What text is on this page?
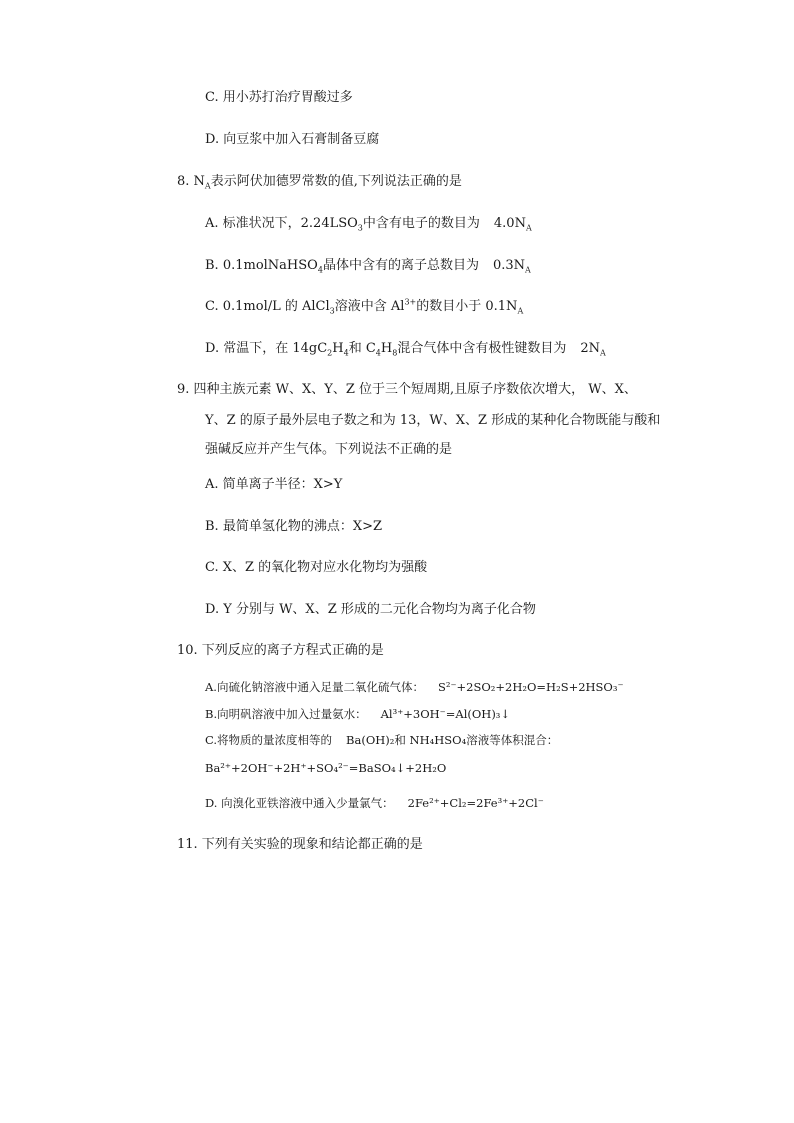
C. 用小苏打治疗胃酸过多
D. 向豆浆中加入石膏制备豆腐
8. $N_A$表示阿伏加德罗常数的值,下列说法正确的是
A. 标准状况下，$2.24LSO_3$中含有电子的数目为 $4.0N_A$
B. 0.1molNaHSO$_4$晶体中含有的离子总数目为 $0.3N_A$
C. 0.1mol/L 的 AlCl$_3$溶液中含 $Al^{3+}$的数目小于 $0.1N_A$
D. 常温下，在 $14gC_2H_4$和 $C_4H_8$混合气体中含有极性键数目为 $2N_A$
9. 四种主族元素 W、X、Y、Z 位于三个短周期,且原子序数依次增大， W、X、
Y、Z 的原子最外层电子数之和为 13，W、X、Z 形成的某种化合物既能与酸和
强碱反应并产生气体。下列说法不正确的是
A. 简单离子半径：X>Y
B. 最简单氢化物的沸点：X>Z
C. X、Z 的氧化物对应水化物均为强酸
D. Y 分别与 W、X、Z 形成的二元化合物均为离子化合物
10. 下列反应的离子方程式正确的是
A.向硫化钠溶液中通入足量二氧化硫气体： S²⁻+2SO₂+2H₂O=H₂S+2HSO₃⁻
B.向明矾溶液中加入过量氨水： Al³⁺+3OH⁻=Al(OH)₃↓
C.将物质的量浓度相等的 Ba(OH)₂和 NH₄HSO₄溶液等体积混合：
Ba²⁺+2OH⁻+2H⁺+SO₄²⁻=BaSO₄↓+2H₂O
D. 向溴化亚铁溶液中通入少量氯气： 2Fe²⁺+Cl₂=2Fe³⁺+2Cl⁻
11. 下列有关实验的现象和结论都正确的是
